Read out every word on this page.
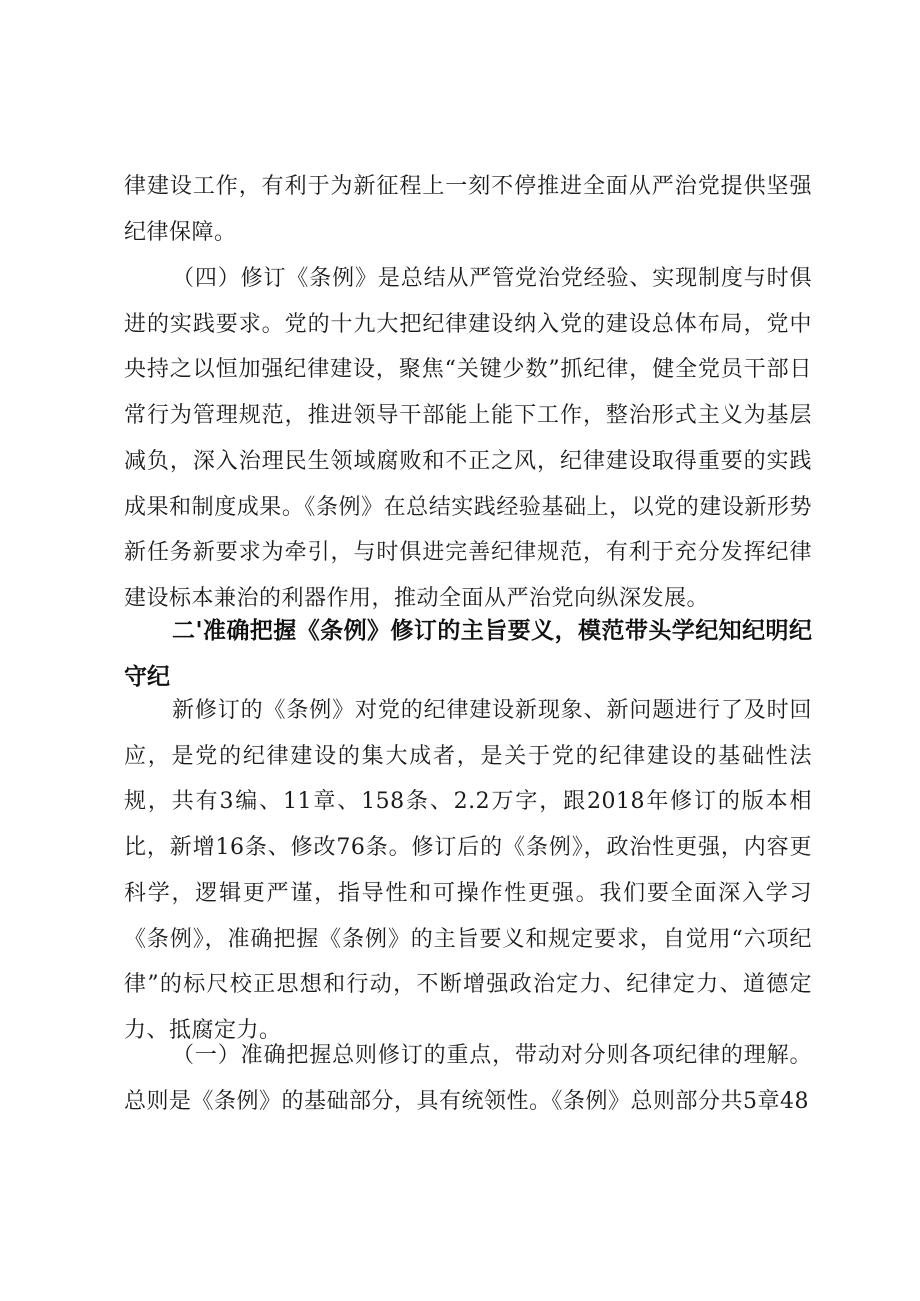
律建设工作，有利于为新征程上一刻不停推进全面从严治党提供坚强纪律保障。

（四）修订《条例》是总结从严管党治党经验、实现制度与时俱进的实践要求。党的十九大把纪律建设纳入党的建设总体布局，党中央持之以恒加强纪律建设，聚焦“关键少数”抓纪律，健全党员干部日常行为管理规范，推进领导干部能上能下工作，整治形式主义为基层减负，深入治理民生领域腐败和不正之风，纪律建设取得重要的实践成果和制度成果。《条例》在总结实践经验基础上，以党的建设新形势新任务新要求为牵引，与时俱进完善纪律规范，有利于充分发挥纪律建设标本兼治的利器作用，推动全面从严治党向纵深发展。

二'准确把握《条例》修订的主旨要义，模范带头学纪知纪明纪守纪

新修订的《条例》对党的纪律建设新现象、新问题进行了及时回应，是党的纪律建设的集大成者，是关于党的纪律建设的基础性法规，共有3编、11章、158条、2.2万字，跟2018年修订的版本相比，新增16条、修改76条。修订后的《条例》，政治性更强，内容更科学，逻辑更严谨，指导性和可操作性更强。我们要全面深入学习《条例》，准确把握《条例》的主旨要义和规定要求，自觉用“六项纪律”的标尺校正思想和行动，不断增强政治定力、纪律定力、道德定力、抵腐定力。

（一）准确把握总则修订的重点，带动对分则各项纪律的理解。总则是《条例》的基础部分，具有统领性。《条例》总则部分共5章48
